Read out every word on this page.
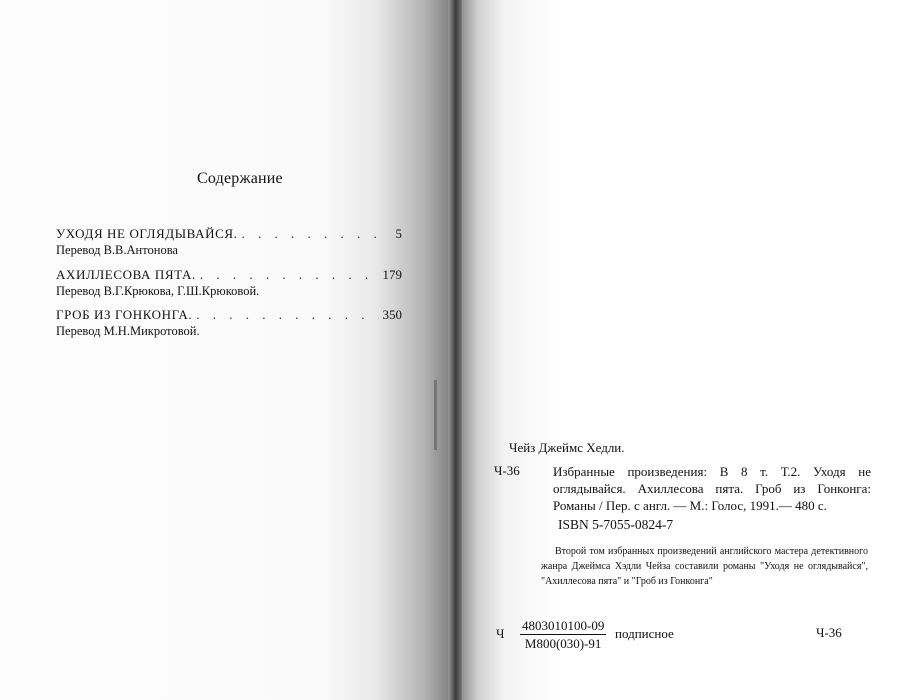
Содержание
УХОДЯ НЕ ОГЛЯДЫВАЙСЯ. . . .	5
Перевод В.В.Антонова
АХИЛЛЕСОВА ПЯТА. . . .	179
Перевод В.Г.Крюкова, Г.Ш.Крюковой.
ГРОБ ИЗ ГОНКОНГА. . . .	350
Перевод М.Н.Микротовой.
Чейз Джеймс Хедли.
Ч-36	Избранные произведения: В 8 т. Т.2. Уходя не оглядывайся. Ахиллесова пята. Гроб из Гонконга: Романы / Пер. с англ. — М.: Голос, 1991.— 480 с.
ISBN 5-7055-0824-7
Второй том избранных произведений английского мастера детективного жанра Джеймса Хэдли Чейза составили романы "Уходя не оглядывайся", "Ахиллесова пята" и "Гроб из Гонконга"
Ч
4803010100-09
М800(030)-91
подписное	Ч-36
